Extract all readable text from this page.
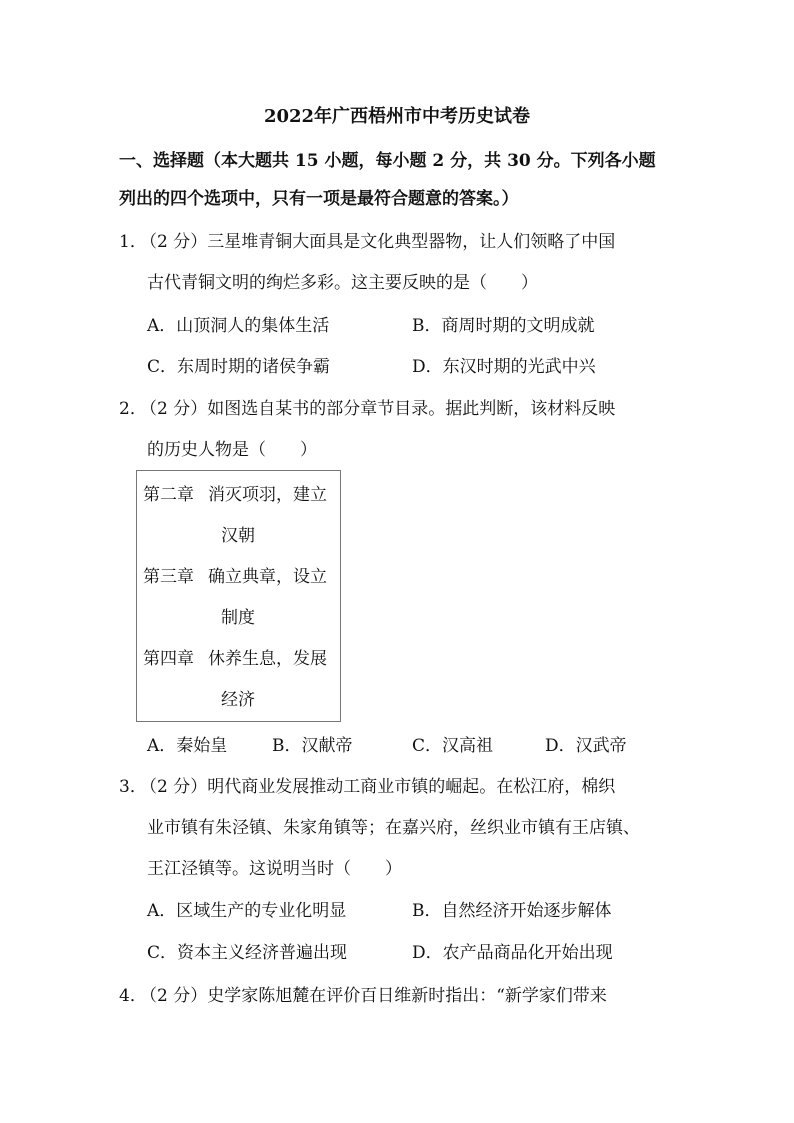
2022年广西梧州市中考历史试卷
一、选择题（本大题共 15 小题，每小题 2 分，共 30 分。下列各小题
列出的四个选项中，只有一项是最符合题意的答案。）
1．
（2 分）三星堆青铜大面具是文化典型器物，让人们领略了中国
古代青铜文明的绚烂多彩。这主要反映的是（　　）
A．山顶洞人的集体生活	B．商周时期的文明成就
C．东周时期的诸侯争霸	D．东汉时期的光武中兴
2．
（2 分）如图选自某书的部分章节目录。据此判断，该材料反映
的历史人物是（　　）
第二章 消灭项羽，建立
汉朝
第三章 确立典章，设立
制度
第四章 休养生息，发展
经济
A．秦始皇	B．汉献帝	C．汉高祖	D．汉武帝
3．
（2 分）明代商业发展推动工商业市镇的崛起。在松江府，棉织
业市镇有朱泾镇、朱家角镇等；在嘉兴府，丝织业市镇有王店镇、
王江泾镇等。这说明当时（　　）
A．区域生产的专业化明显	B．自然经济开始逐步解体
C．资本主义经济普遍出现	D．农产品商品化开始出现
4．
（2 分）史学家陈旭麓在评价百日维新时指出：“新学家们带来
